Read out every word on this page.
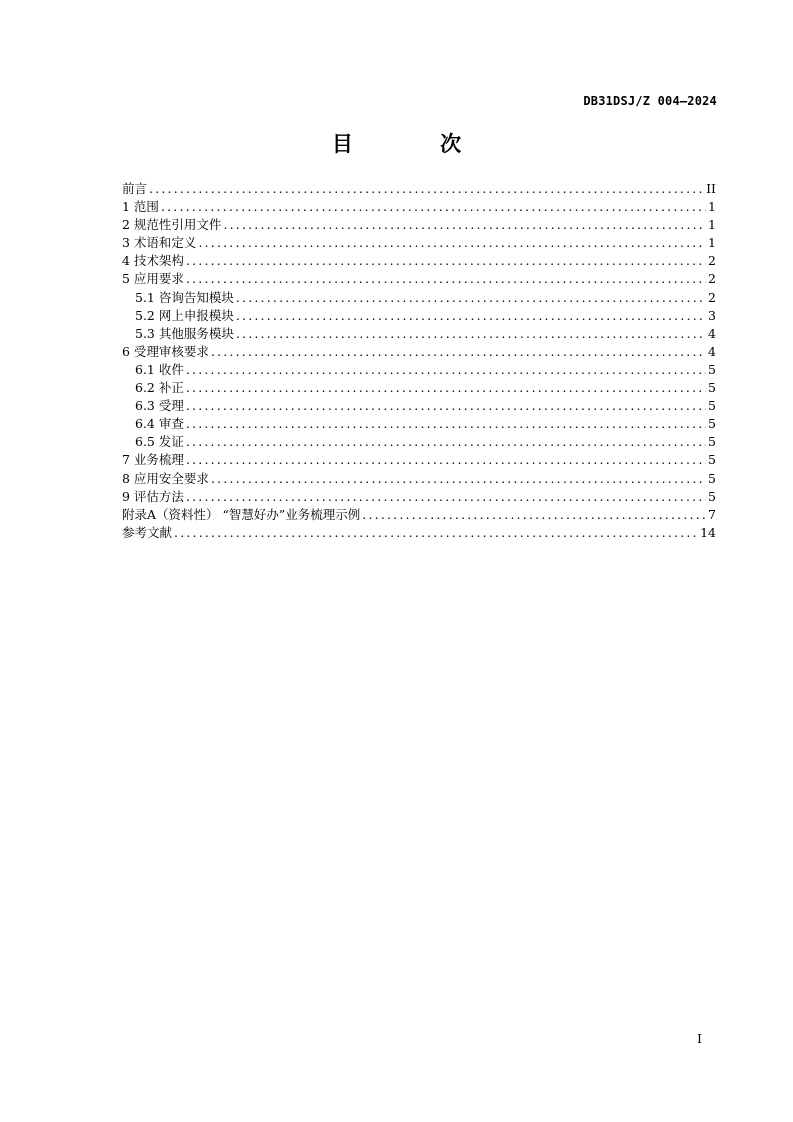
DB31DSJ/Z 004—2024
目 次
前言 .....	II
1 范围 .....	1
2 规范性引用文件 .....	1
3 术语和定义 .....	1
4 技术架构 .....	2
5 应用要求 .....	2
5.1 咨询告知模块 .....	2
5.2 网上申报模块 .....	3
5.3 其他服务模块 .....	4
6 受理审核要求 .....	4
6.1 收件 .....	5
6.2 补正 .....	5
6.3 受理 .....	5
6.4 审查 .....	5
6.5 发证 .....	5
7 业务梳理 .....	5
8 应用安全要求 .....	5
9 评估方法 .....	5
附录A（资料性） “智慧好办”业务梳理示例 .....	7
参考文献 .....	14
I
